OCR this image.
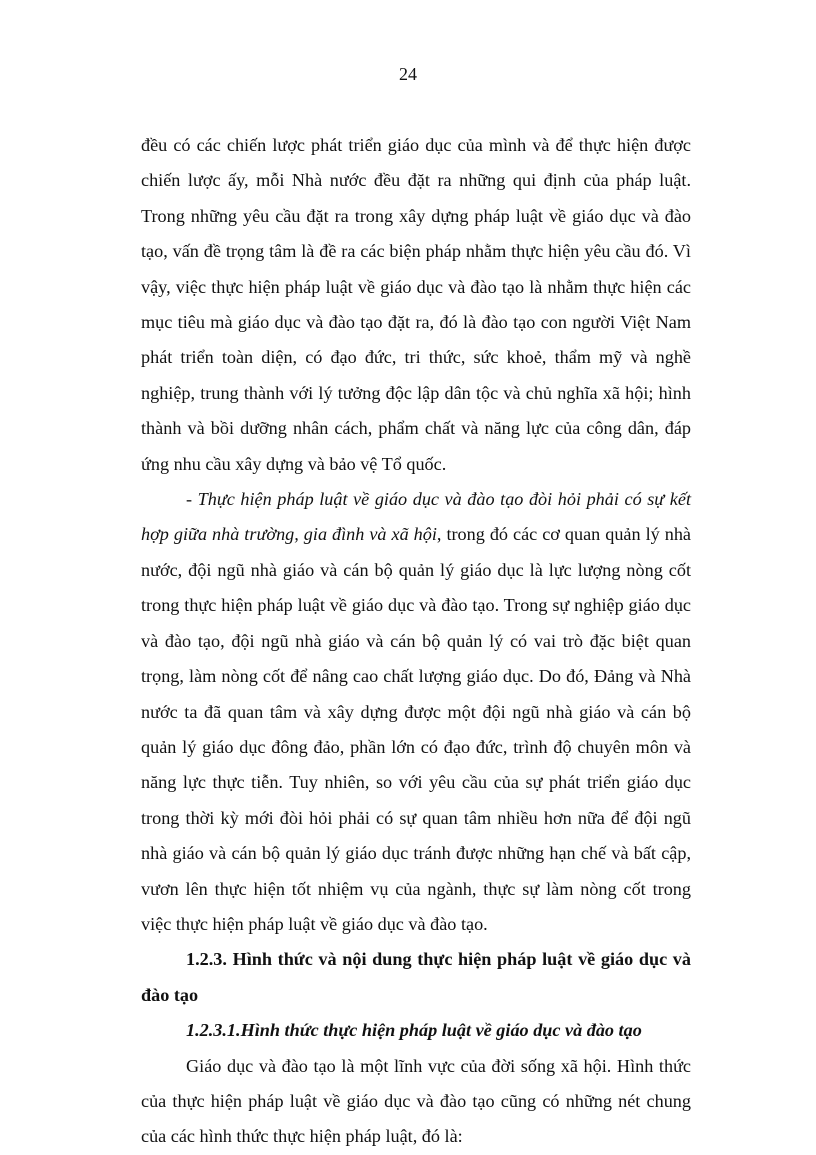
24

đều có các chiến lược phát triển giáo dục của mình và để thực hiện được chiến lược ấy, mỗi Nhà nước đều đặt ra những qui định của pháp luật. Trong những yêu cầu đặt ra trong xây dựng pháp luật về giáo dục và đào tạo, vấn đề trọng tâm là đề ra các biện pháp nhằm thực hiện yêu cầu đó. Vì vậy, việc thực hiện pháp luật về giáo dục và đào tạo là nhằm thực hiện các mục tiêu mà giáo dục và đào tạo đặt ra, đó là đào tạo con người Việt Nam phát triển toàn diện, có đạo đức, tri thức, sức khoẻ, thẩm mỹ và nghề nghiệp, trung thành với lý tưởng độc lập dân tộc và chủ nghĩa xã hội; hình thành và bồi dưỡng nhân cách, phẩm chất và năng lực của công dân, đáp ứng nhu cầu xây dựng và bảo vệ Tổ quốc.

- Thực hiện pháp luật về giáo dục và đào tạo đòi hỏi phải có sự kết hợp giữa nhà trường, gia đình và xã hội, trong đó các cơ quan quản lý nhà nước, đội ngũ nhà giáo và cán bộ quản lý giáo dục là lực lượng nòng cốt trong thực hiện pháp luật về giáo dục và đào tạo. Trong sự nghiệp giáo dục và đào tạo, đội ngũ nhà giáo và cán bộ quản lý có vai trò đặc biệt quan trọng, làm nòng cốt để nâng cao chất lượng giáo dục. Do đó, Đảng và Nhà nước ta đã quan tâm và xây dựng được một đội ngũ nhà giáo và cán bộ quản lý giáo dục đông đảo, phần lớn có đạo đức, trình độ chuyên môn và năng lực thực tiễn. Tuy nhiên, so với yêu cầu của sự phát triển giáo dục trong thời kỳ mới đòi hỏi phải có sự quan tâm nhiều hơn nữa để đội ngũ nhà giáo và cán bộ quản lý giáo dục tránh được những hạn chế và bất cập, vươn lên thực hiện tốt nhiệm vụ của ngành, thực sự làm nòng cốt trong việc thực hiện pháp luật về giáo dục và đào tạo.

1.2.3. Hình thức và nội dung thực hiện pháp luật về giáo dục và đào tạo

1.2.3.1.Hình thức thực hiện pháp luật về giáo dục và đào tạo

Giáo dục và đào tạo là một lĩnh vực của đời sống xã hội. Hình thức của thực hiện pháp luật về giáo dục và đào tạo cũng có những nét chung của các hình thức thực hiện pháp luật, đó là:
